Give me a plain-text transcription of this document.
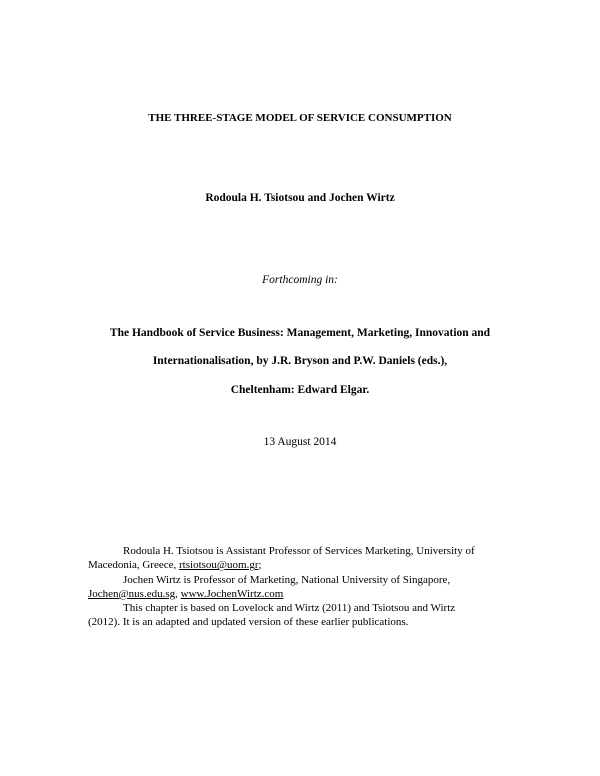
THE THREE-STAGE MODEL OF SERVICE CONSUMPTION
Rodoula H. Tsiotsou and Jochen Wirtz
Forthcoming in:
The Handbook of Service Business: Management, Marketing, Innovation and
Internationalisation, by J.R. Bryson and P.W. Daniels (eds.),
Cheltenham: Edward Elgar.
13 August 2014
Rodoula H. Tsiotsou is Assistant Professor of Services Marketing, University of
Macedonia, Greece, rtsiotsou@uom.gr;
Jochen Wirtz is Professor of Marketing, National University of Singapore,
Jochen@nus.edu.sg, www.JochenWirtz.com
This chapter is based on Lovelock and Wirtz (2011) and Tsiotsou and Wirtz
(2012). It is an adapted and updated version of these earlier publications.
